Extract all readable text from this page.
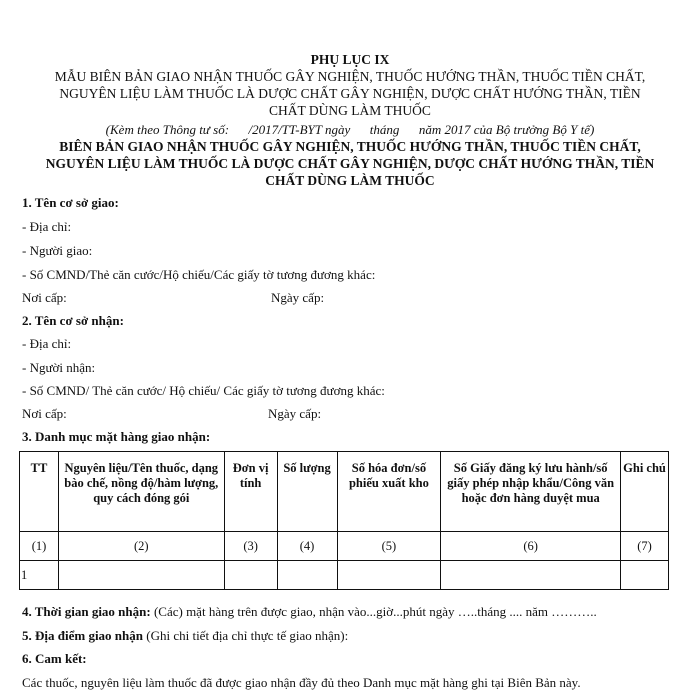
PHỤ LỤC IX
MẪU BIÊN BẢN GIAO NHẬN THUỐC GÂY NGHIỆN, THUỐC HƯỚNG THẦN, THUỐC TIỀN CHẤT,
NGUYÊN LIỆU LÀM THUỐC LÀ DƯỢC CHẤT GÂY NGHIỆN, DƯỢC CHẤT HƯỚNG THẦN, TIỀN
CHẤT DÙNG LÀM THUỐC
(Kèm theo Thông tư số:      /2017/TT-BYT ngày      tháng      năm 2017 của Bộ trưởng Bộ Y tế)
BIÊN BẢN GIAO NHẬN THUỐC GÂY NGHIỆN, THUỐC HƯỚNG THẦN, THUỐC TIỀN CHẤT,
NGUYÊN LIỆU LÀM THUỐC LÀ DƯỢC CHẤT GÂY NGHIỆN, DƯỢC CHẤT HƯỚNG THẦN, TIỀN
CHẤT DÙNG LÀM THUỐC
1. Tên cơ sở giao:
- Địa chỉ:
- Người giao:
- Số CMND/Thẻ căn cước/Hộ chiếu/Các giấy tờ tương đương khác:
Nơi cấp:	Ngày cấp:
2. Tên cơ sở nhận:
- Địa chỉ:
- Người nhận:
- Số CMND/ Thẻ căn cước/ Hộ chiếu/ Các giấy tờ tương đương khác:
Nơi cấp:	Ngày cấp:
3. Danh mục mặt hàng giao nhận:
TT	Nguyên liệu/Tên thuốc, dạng bào chế, nồng độ/hàm lượng, quy cách đóng gói	Đơn vị tính	Số lượng	Số hóa đơn/số phiếu xuất kho	Số Giấy đăng ký lưu hành/số giấy phép nhập khẩu/Công văn hoặc đơn hàng duyệt mua	Ghi chú
(1)	(2)	(3)	(4)	(5)	(6)	(7)
1						
4. Thời gian giao nhận: (Các) mặt hàng trên được giao, nhận vào...giờ...phút ngày …..tháng .... năm ………..
5. Địa điểm giao nhận (Ghi chi tiết địa chỉ thực tế giao nhận):
6. Cam kết:
Các thuốc, nguyên liệu làm thuốc đã được giao nhận đầy đủ theo Danh mục mặt hàng ghi tại Biên Bản này.
